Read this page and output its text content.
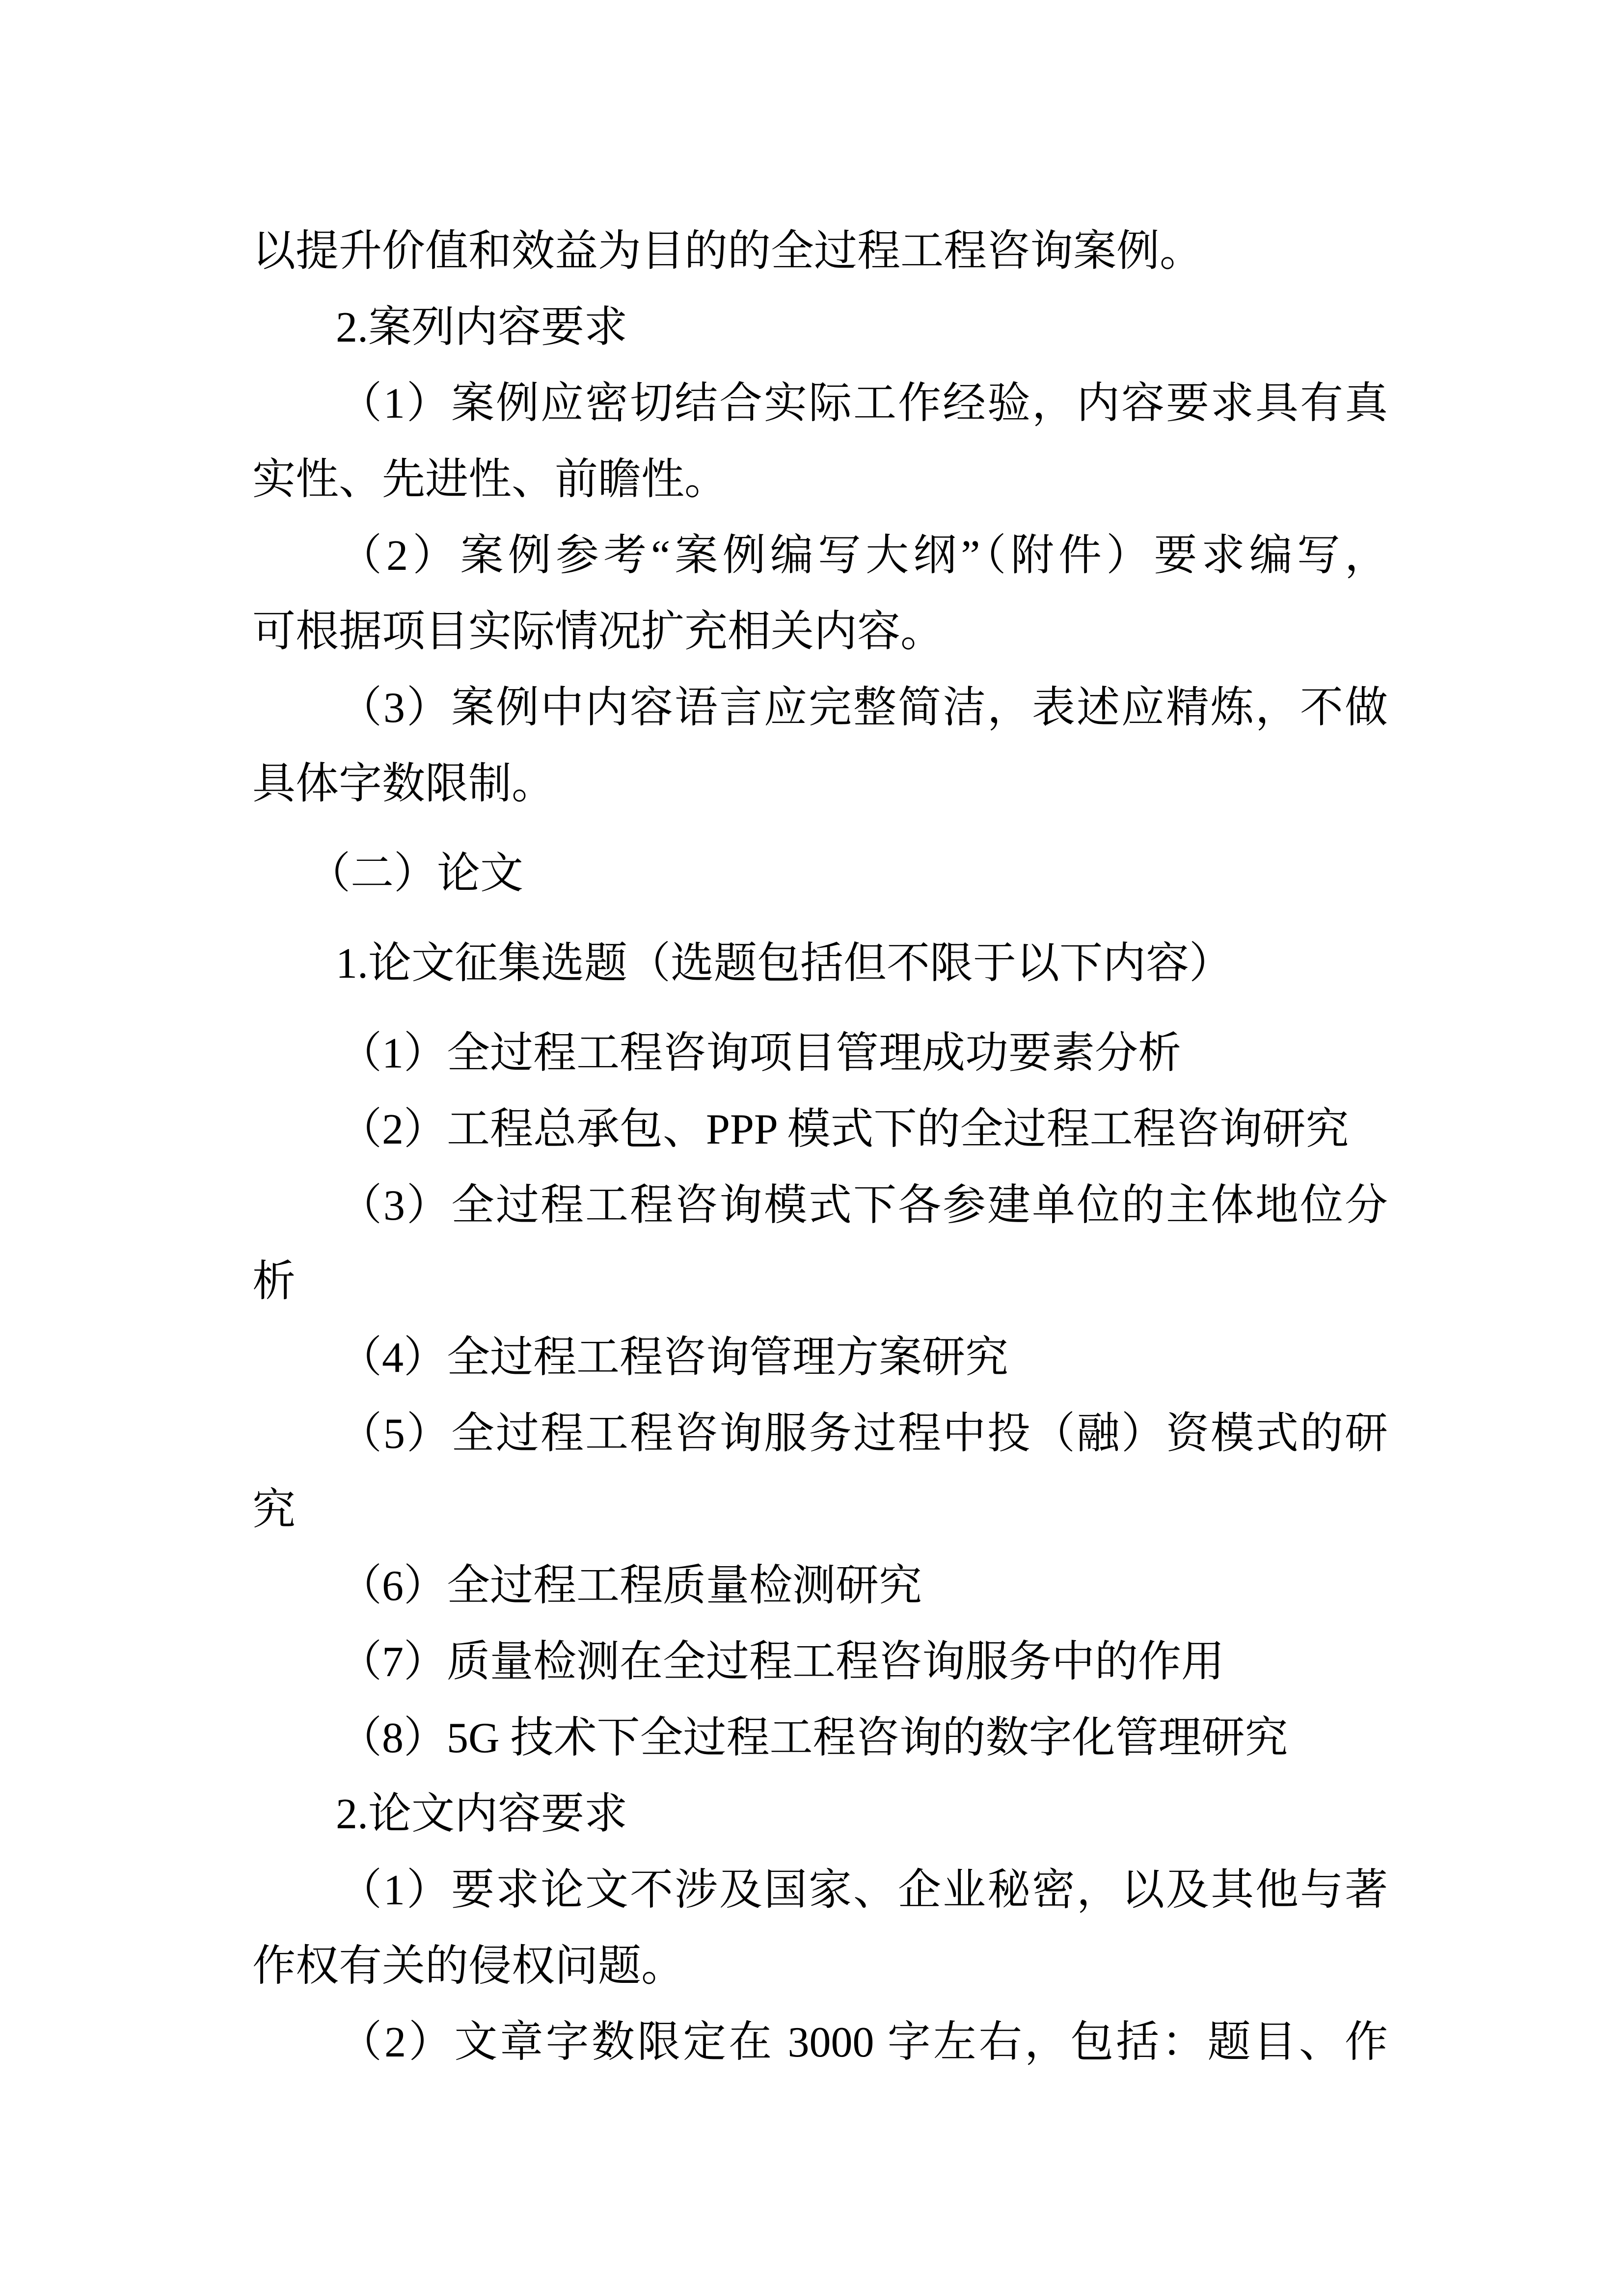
以提升价值和效益为目的的全过程工程咨询案例。
2.案列内容要求
（1）案例应密切结合实际工作经验，内容要求具有真
实性、先进性、前瞻性。
（2）案例参考“案例编写大纲”（附件）要求编写，
可根据项目实际情况扩充相关内容。
（3）案例中内容语言应完整简洁，表述应精炼，不做
具体字数限制。
（二）论文
1.论文征集选题（选题包括但不限于以下内容）
（1）全过程工程咨询项目管理成功要素分析
（2）工程总承包、PPP 模式下的全过程工程咨询研究
（3）全过程工程咨询模式下各参建单位的主体地位分
析
（4）全过程工程咨询管理方案研究
（5）全过程工程咨询服务过程中投（融）资模式的研
究
（6）全过程工程质量检测研究
（7）质量检测在全过程工程咨询服务中的作用
（8）5G 技术下全过程工程咨询的数字化管理研究
2.论文内容要求
（1）要求论文不涉及国家、企业秘密，以及其他与著
作权有关的侵权问题。
（2）文章字数限定在 3000 字左右，包括：题目、作
